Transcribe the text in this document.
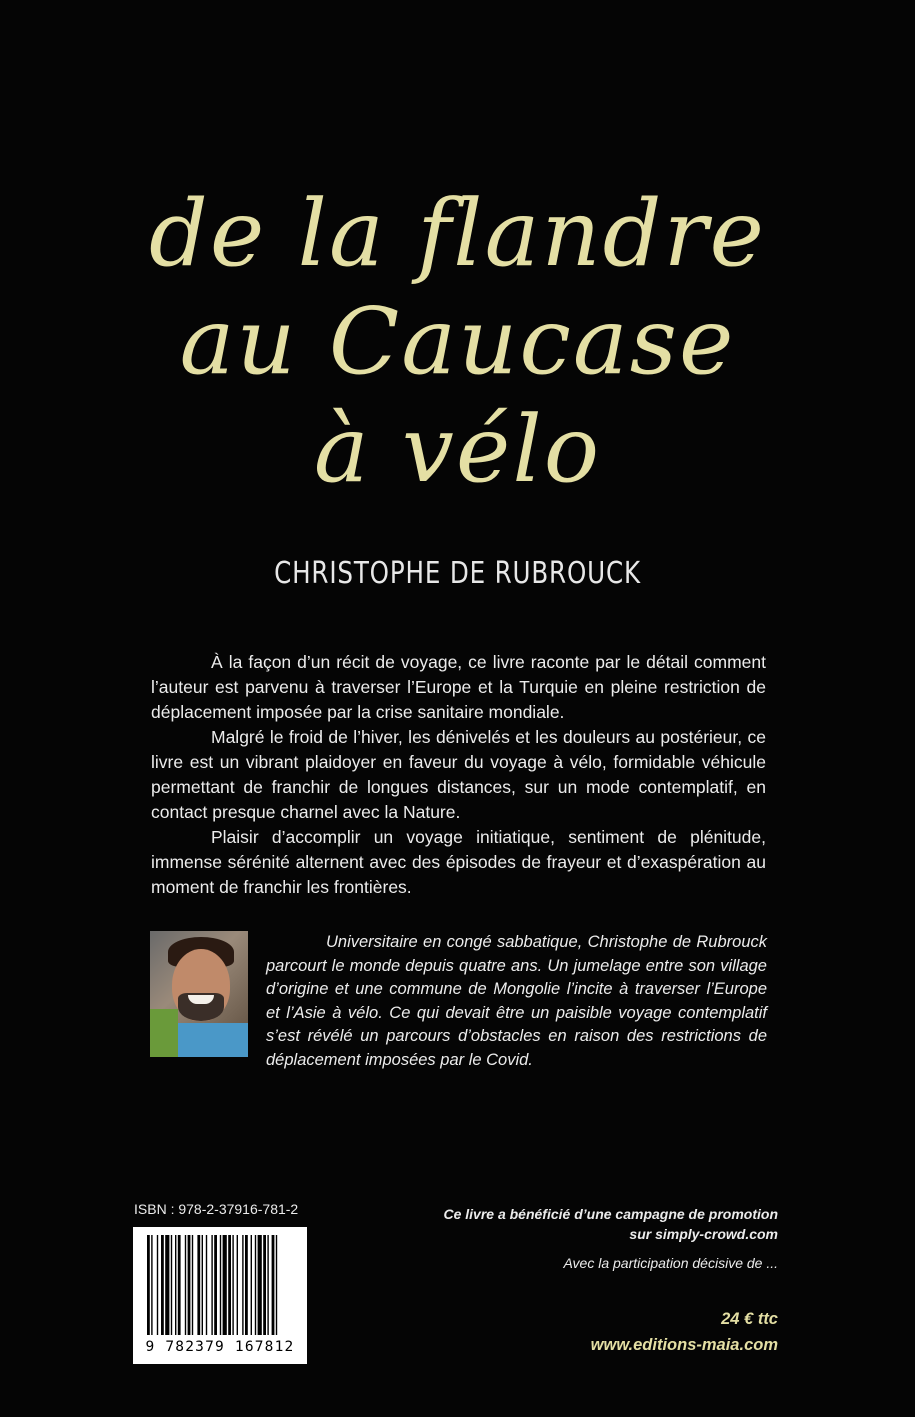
de la flandre
au Caucase
à vélo
CHRISTOPHE DE RUBROUCK

À la façon d’un récit de voyage, ce livre raconte par le détail comment l’auteur est parvenu à traverser l’Europe et la Turquie en pleine restriction de déplacement imposée par la crise sanitaire mondiale.

Malgré le froid de l’hiver, les dénivelés et les douleurs au postérieur, ce livre est un vibrant plaidoyer en faveur du voyage à vélo, formidable véhicule permettant de franchir de longues distances, sur un mode contemplatif, en contact presque charnel avec la Nature.

Plaisir d’accomplir un voyage initiatique, sentiment de plénitude, immense sérénité alternent avec des épisodes de frayeur et d’exaspération au moment de franchir les frontières.

Universitaire en congé sabbatique, Christophe de Rubrouck parcourt le monde depuis quatre ans. Un jumelage entre son village d’origine et une commune de Mongolie l’incite à traverser l’Europe et l’Asie à vélo. Ce qui devait être un paisible voyage contemplatif s’est révélé un parcours d’obstacles en raison des restrictions de déplacement imposées par le Covid.

ISBN : 978-2-37916-781-2
9 782379 167812
Ce livre a bénéficié d’une campagne de promotion
sur simply-crowd.com
Avec la participation décisive de ...
24 € ttc
www.editions-maia.com
